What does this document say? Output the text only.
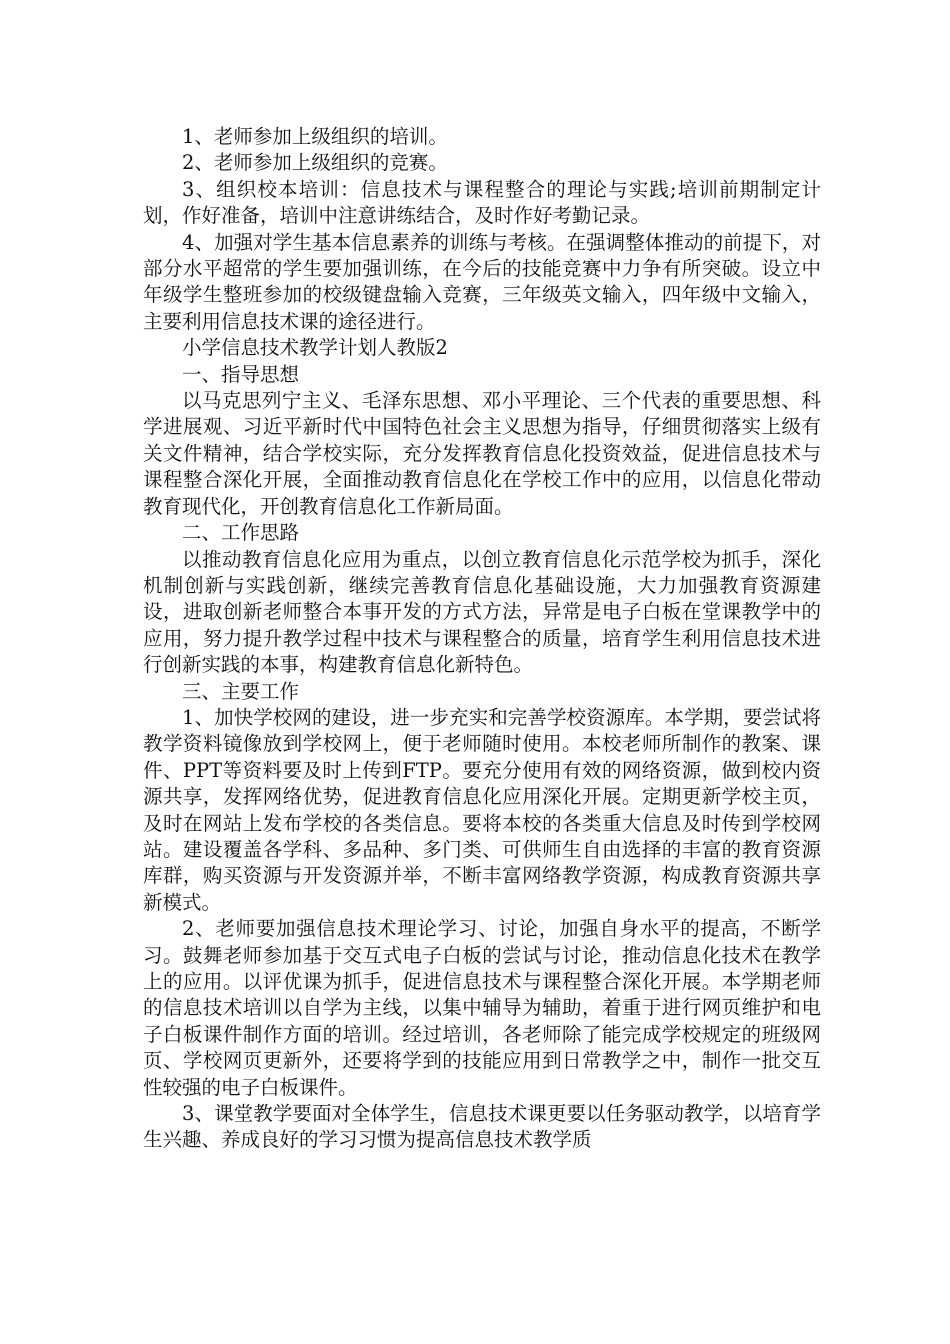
1、老师参加上级组织的培训。

2、老师参加上级组织的竞赛。

3、组织校本培训：信息技术与课程整合的理论与实践;培训前期制定计划，作好准备，培训中注意讲练结合，及时作好考勤记录。

4、加强对学生基本信息素养的训练与考核。在强调整体推动的前提下，对部分水平超常的学生要加强训练，在今后的技能竞赛中力争有所突破。设立中年级学生整班参加的校级键盘输入竞赛，三年级英文输入，四年级中文输入，主要利用信息技术课的途径进行。

小学信息技术教学计划人教版2

一、指导思想

以马克思列宁主义、毛泽东思想、邓小平理论、三个代表的重要思想、科学进展观、习近平新时代中国特色社会主义思想为指导，仔细贯彻落实上级有关文件精神，结合学校实际，充分发挥教育信息化投资效益，促进信息技术与课程整合深化开展，全面推动教育信息化在学校工作中的应用，以信息化带动教育现代化，开创教育信息化工作新局面。

二、工作思路

以推动教育信息化应用为重点，以创立教育信息化示范学校为抓手，深化机制创新与实践创新，继续完善教育信息化基础设施，大力加强教育资源建设，进取创新老师整合本事开发的方式方法，异常是电子白板在堂课教学中的应用，努力提升教学过程中技术与课程整合的质量，培育学生利用信息技术进行创新实践的本事，构建教育信息化新特色。

三、主要工作

1、加快学校网的建设，进一步充实和完善学校资源库。本学期，要尝试将教学资料镜像放到学校网上，便于老师随时使用。本校老师所制作的教案、课件、PPT等资料要及时上传到FTP。要充分使用有效的网络资源，做到校内资源共享，发挥网络优势，促进教育信息化应用深化开展。定期更新学校主页，及时在网站上发布学校的各类信息。要将本校的各类重大信息及时传到学校网站。建设覆盖各学科、多品种、多门类、可供师生自由选择的丰富的教育资源库群，购买资源与开发资源并举，不断丰富网络教学资源，构成教育资源共享新模式。

2、老师要加强信息技术理论学习、讨论，加强自身水平的提高，不断学习。鼓舞老师参加基于交互式电子白板的尝试与讨论，推动信息化技术在教学上的应用。以评优课为抓手，促进信息技术与课程整合深化开展。本学期老师的信息技术培训以自学为主线，以集中辅导为辅助，着重于进行网页维护和电子白板课件制作方面的培训。经过培训，各老师除了能完成学校规定的班级网页、学校网页更新外，还要将学到的技能应用到日常教学之中，制作一批交互性较强的电子白板课件。

3、课堂教学要面对全体学生，信息技术课更要以任务驱动教学，以培育学生兴趣、养成良好的学习习惯为提高信息技术教学质
